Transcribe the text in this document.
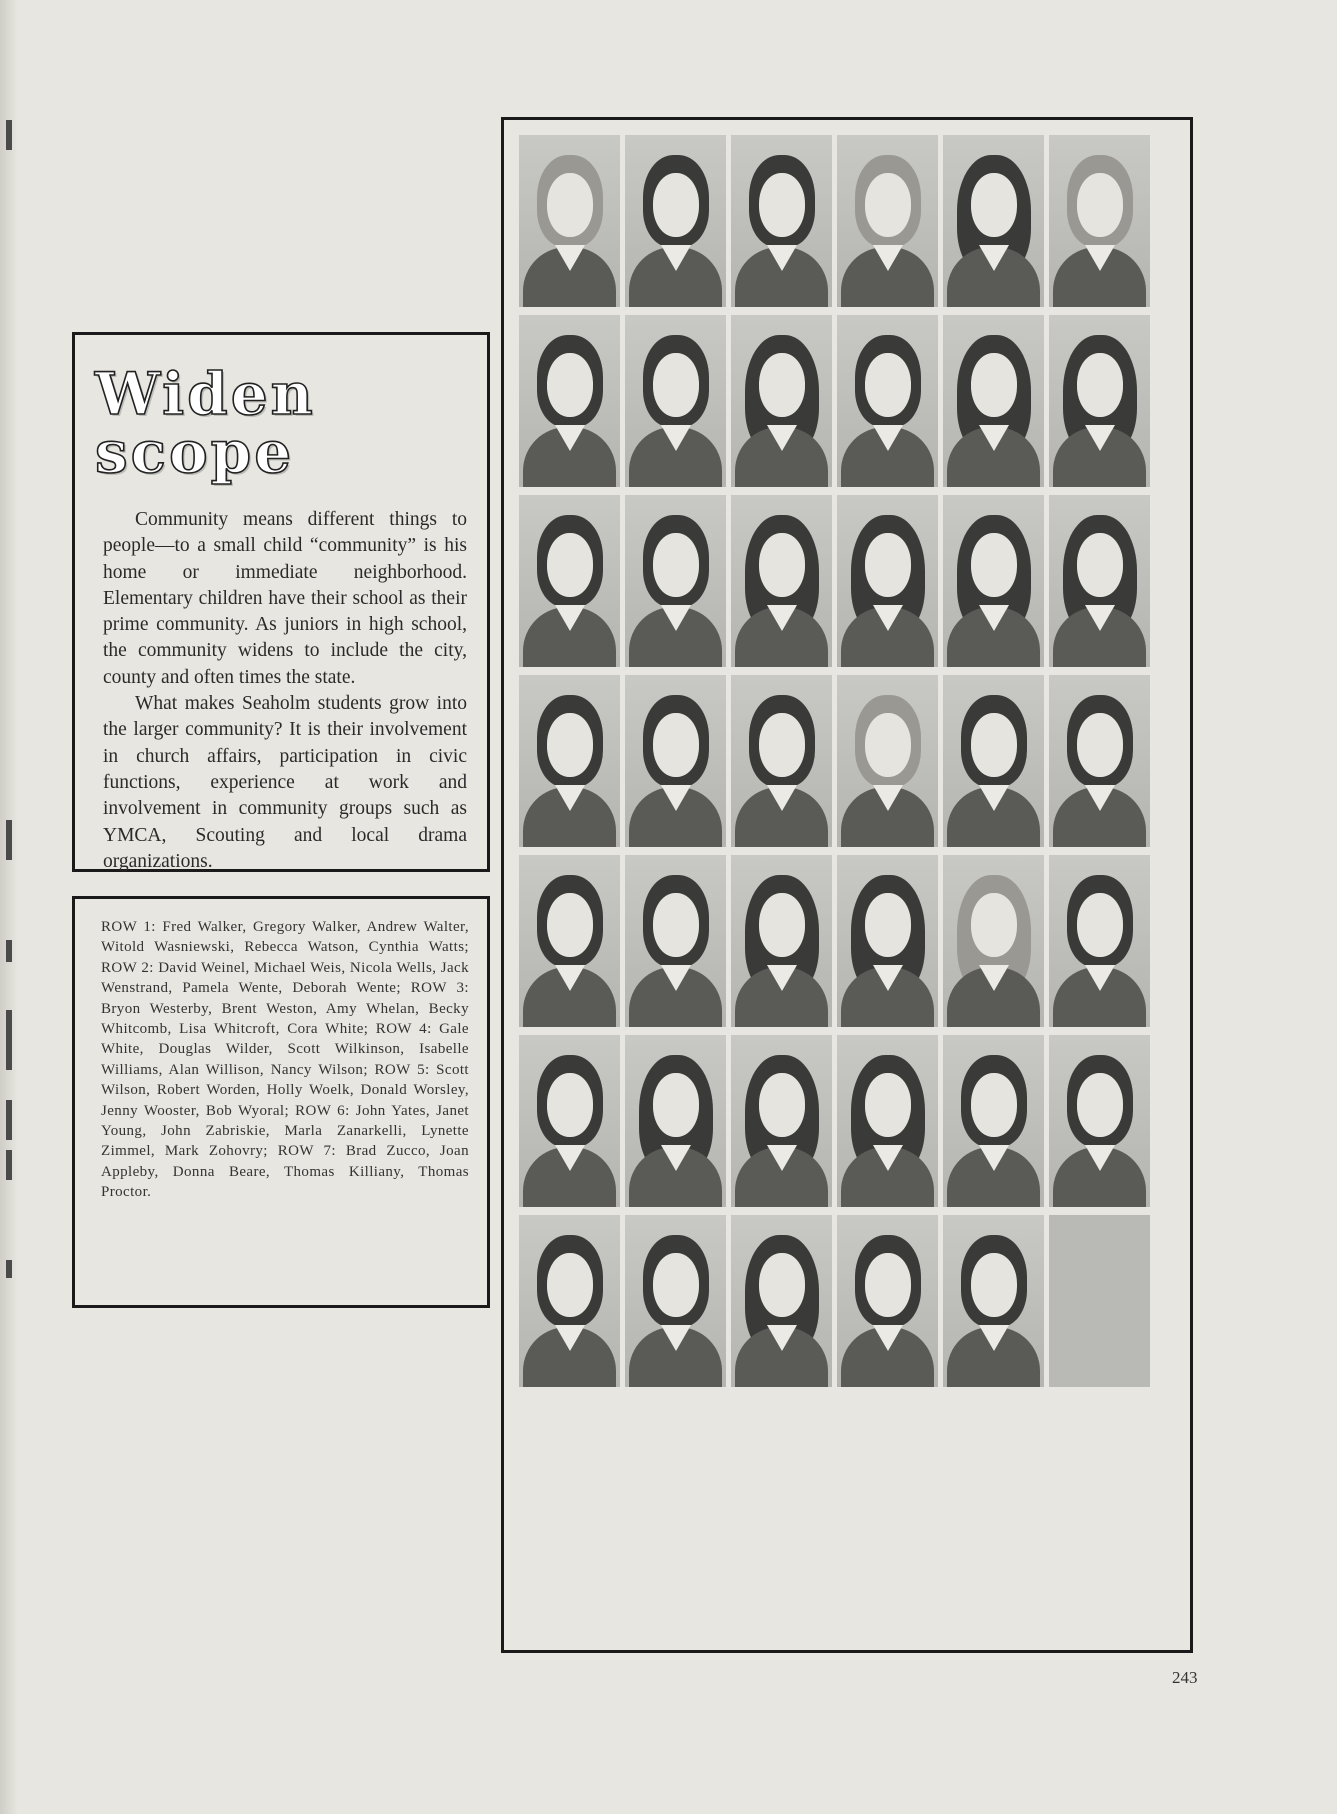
Widen scope

Community means different things to people—to a small child “community” is his home or immediate neighborhood. Elementary children have their school as their prime community. As juniors in high school, the community widens to include the city, county and often times the state.

What makes Seaholm students grow into the larger community? It is their involvement in church affairs, participation in civic functions, experience at work and involvement in community groups such as YMCA, Scouting and local drama organizations.

ROW 1: Fred Walker, Gregory Walker, Andrew Walter, Witold Wasniewski, Rebecca Watson, Cynthia Watts; ROW 2: David Weinel, Michael Weis, Nicola Wells, Jack Wenstrand, Pamela Wente, Deborah Wente; ROW 3: Bryon Westerby, Brent Weston, Amy Whelan, Becky Whitcomb, Lisa Whitcroft, Cora White; ROW 4: Gale White, Douglas Wilder, Scott Wilkinson, Isabelle Williams, Alan Willison, Nancy Wilson; ROW 5: Scott Wilson, Robert Worden, Holly Woelk, Donald Worsley, Jenny Wooster, Bob Wyoral; ROW 6: John Yates, Janet Young, John Zabriskie, Marla Zanarkelli, Lynette Zimmel, Mark Zohovry; ROW 7: Brad Zucco, Joan Appleby, Donna Beare, Thomas Killiany, Thomas Proctor.

243
